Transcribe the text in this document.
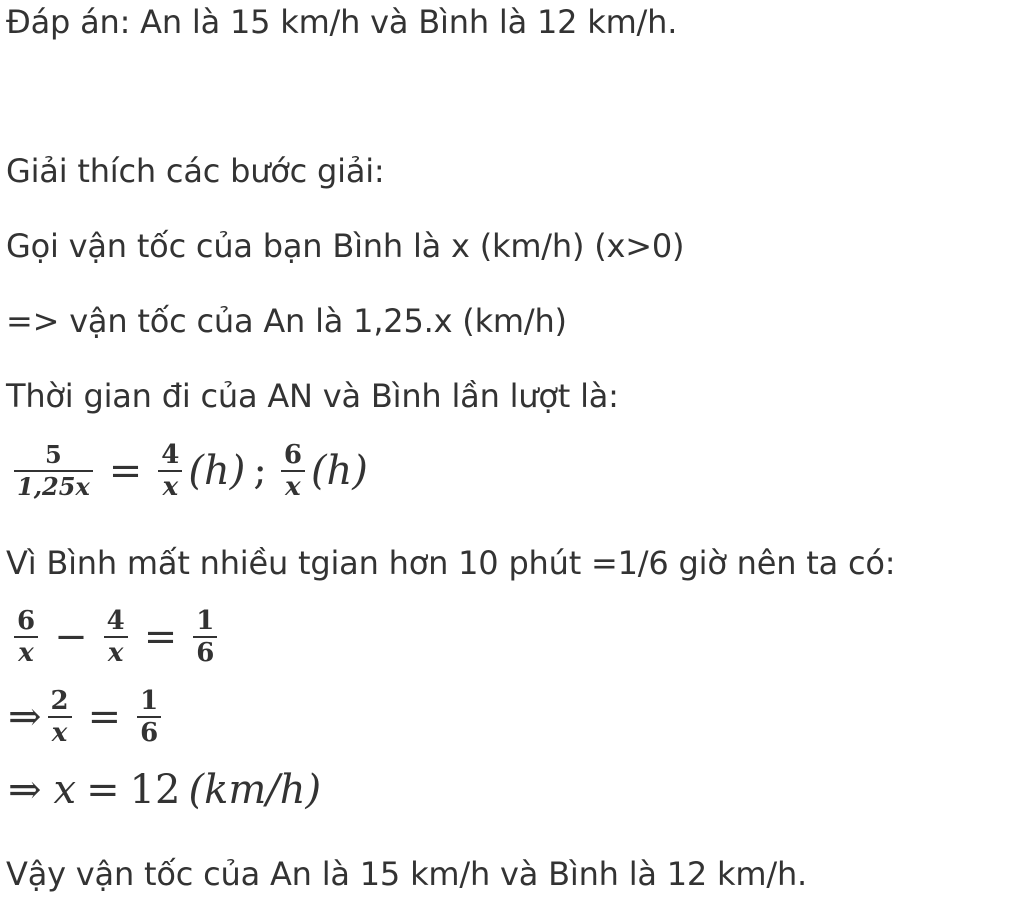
Đáp án: An là 15 km/h và Bình là 12 km/h.
Giải thích các bước giải:
Gọi vận tốc của bạn Bình là x (km/h) (x>0)
=> vận tốc của An là 1,25.x (km/h)
Thời gian đi của AN và Bình lần lượt là:
$\frac{5}{1,25x} = \frac{4}{x} (h)$ ; $\frac{6}{x} (h)$
Vì Bình mất nhiều tgian hơn 10 phút =1/6 giờ nên ta có:
$\frac{6}{x} - \frac{4}{x} = \frac{1}{6}$
⇒ $\frac{2}{x} = \frac{1}{6}$
⇒ x = 12 (km/h)
Vậy vận tốc của An là 15 km/h và Bình là 12 km/h.
